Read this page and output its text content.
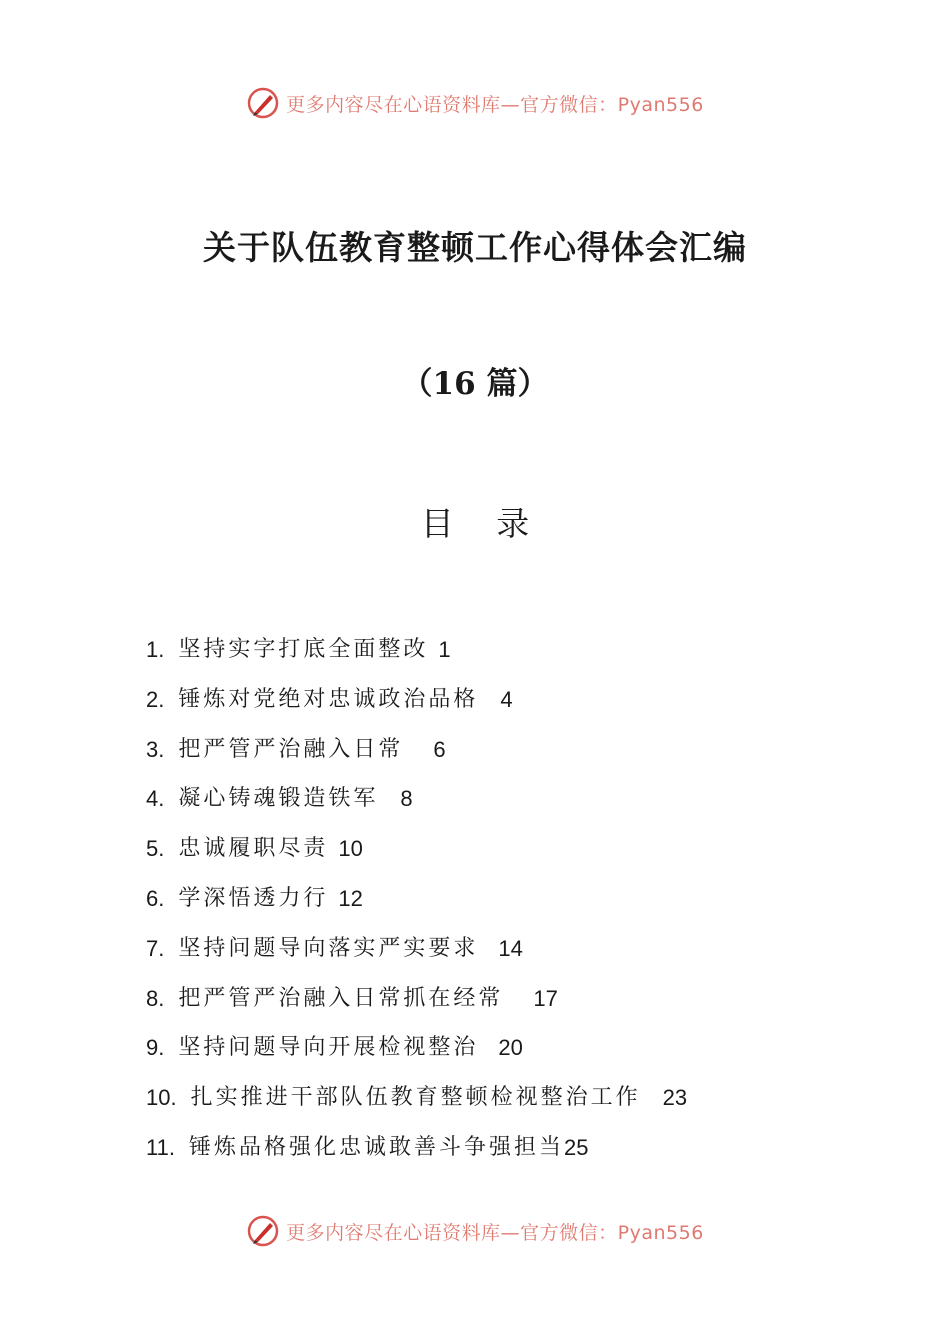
更多内容尽在心语资料库—官方微信：Pyan556
关于队伍教育整顿工作心得体会汇编
（16 篇）
目 录
1. 坚持实字打底全面整改 1
2. 锤炼对党绝对忠诚政治品格 4
3. 把严管严治融入日常 6
4. 凝心铸魂锻造铁军 8
5. 忠诚履职尽责 10
6. 学深悟透力行 12
7. 坚持问题导向落实严实要求 14
8. 把严管严治融入日常抓在经常 17
9. 坚持问题导向开展检视整治 20
10. 扎实推进干部队伍教育整顿检视整治工作 23
11. 锤炼品格强化忠诚敢善斗争强担当 25
更多内容尽在心语资料库—官方微信：Pyan556
